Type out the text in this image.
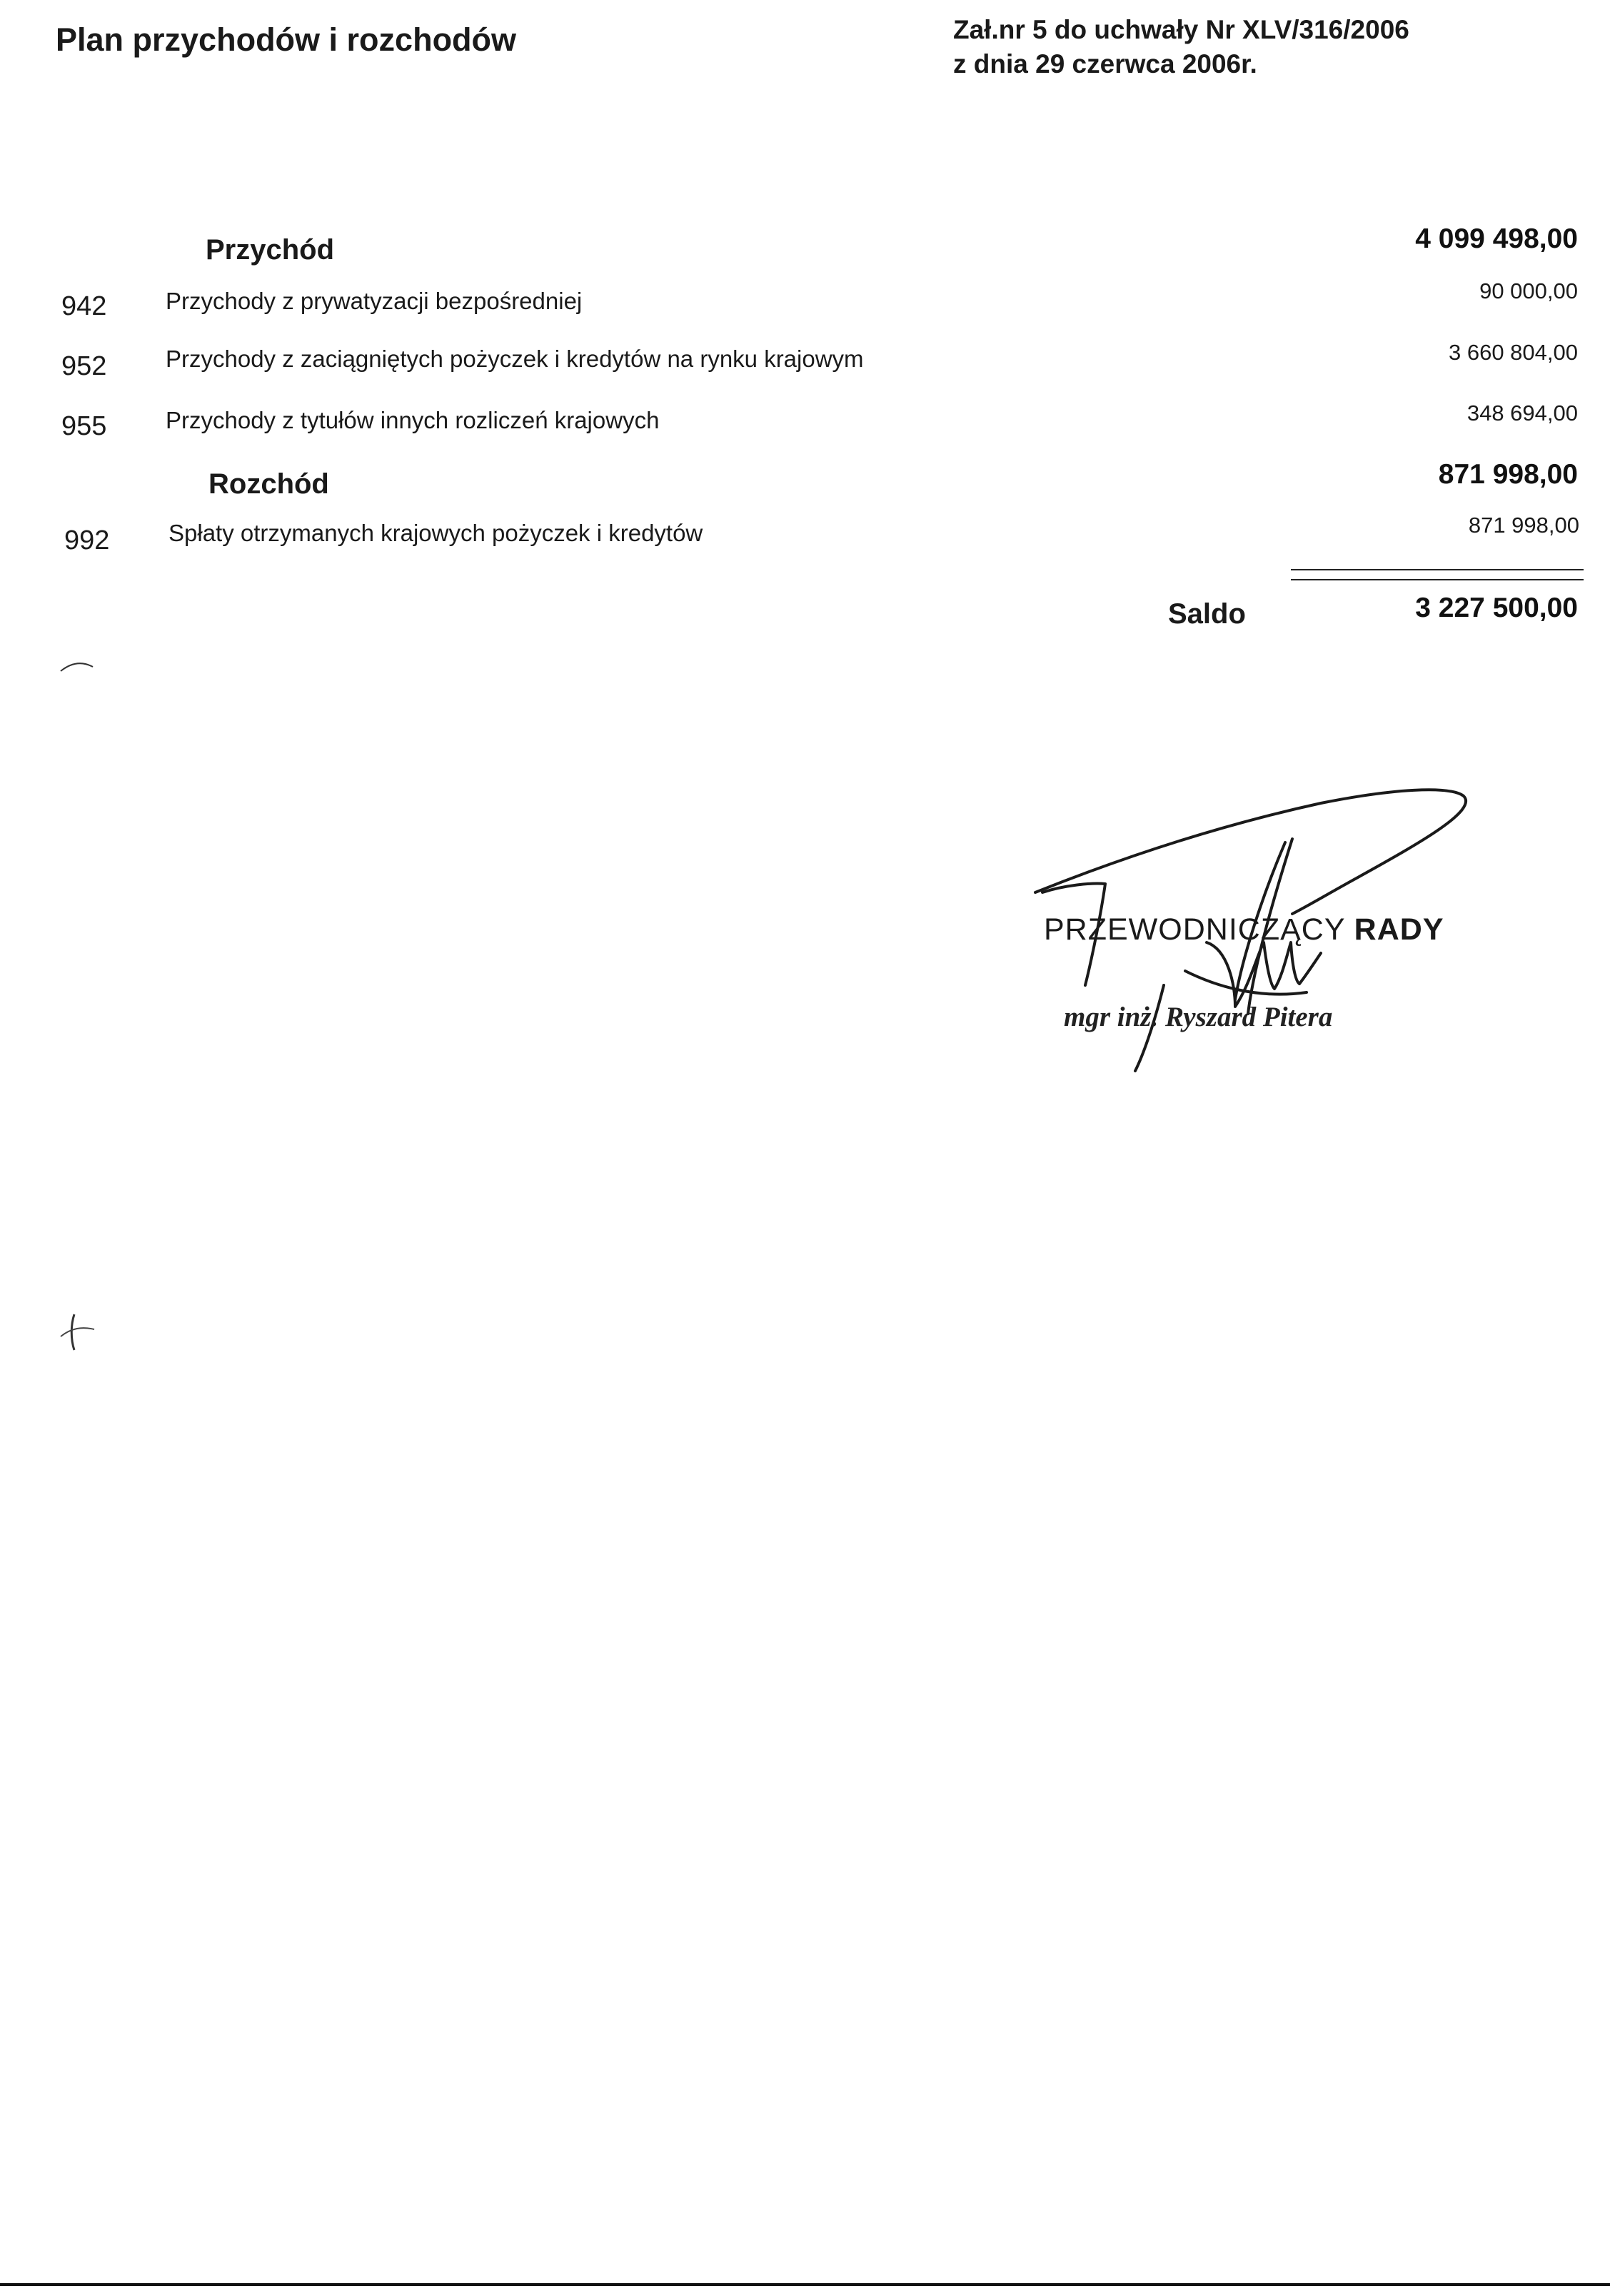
Plan przychodów i rozchodów	Zał.nr 5 do uchwały Nr XLV/316/2006
z dnia 29 czerwca 2006r.
Przychód	4 099 498,00
942	Przychody z prywatyzacji bezpośredniej	90 000,00
952	Przychody z zaciągniętych pożyczek i kredytów na rynku krajowym	3 660 804,00
955	Przychody z tytułów innych rozliczeń krajowych	348 694,00
Rozchód	871 998,00
992	Spłaty otrzymanych krajowych pożyczek i kredytów	871 998,00
Saldo	3 227 500,00
PRZEWODNICZĄCY RADY
mgr inż. Ryszard Pitera
